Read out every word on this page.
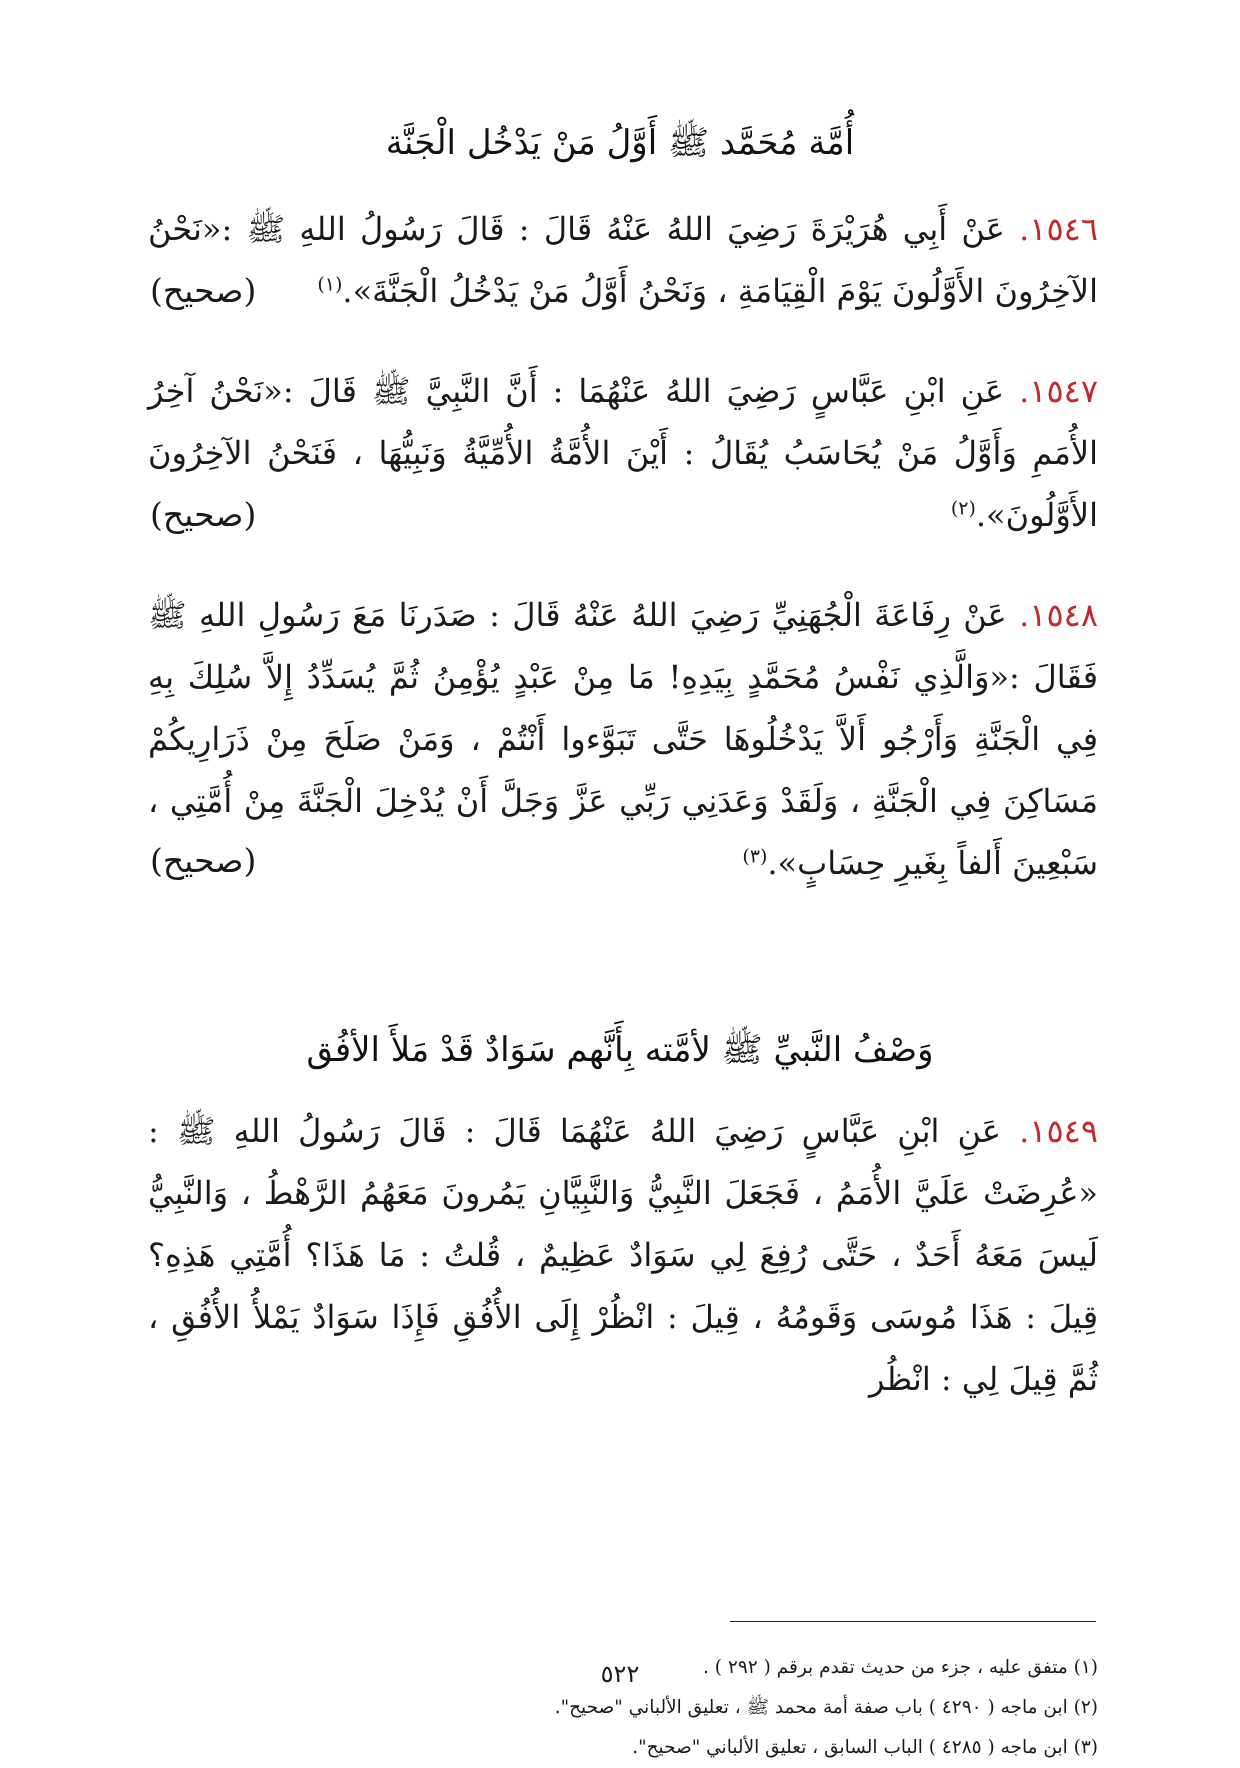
أُمَّة مُحَمَّد ﷺ أَوَّلُ مَنْ يَدْخُل الْجَنَّة
١٥٤٦. عَنْ أَبِي هُرَيْرَةَ رَضِيَ اللهُ عَنْهُ قَالَ : قَالَ رَسُولُ اللهِ ﷺ :«نَحْنُ الآخِرُونَ الأَوَّلُونَ يَوْمَ الْقِيَامَةِ ، وَنَحْنُ أَوَّلُ مَنْ يَدْخُلُ الْجَنَّةَ».$^{(١)}$
(صحيح)
١٥٤٧. عَنِ ابْنِ عَبَّاسٍ رَضِيَ اللهُ عَنْهُمَا : أَنَّ النَّبِيَّ ﷺ قَالَ :«نَحْنُ آخِرُ الأُمَمِ وَأَوَّلُ مَنْ يُحَاسَبُ يُقَالُ : أَيْنَ الأُمَّةُ الأُمِّيَّةُ وَنَبِيُّهَا ، فَنَحْنُ الآخِرُونَ الأَوَّلُونَ».$^{(٢)}$
(صحيح)
١٥٤٨. عَنْ رِفَاعَةَ الْجُهَنِيِّ رَضِيَ اللهُ عَنْهُ قَالَ : صَدَرنَا مَعَ رَسُولِ اللهِ ﷺ فَقَالَ :«وَالَّذِي نَفْسُ مُحَمَّدٍ بِيَدِهِ! مَا مِنْ عَبْدٍ يُؤْمِنُ ثُمَّ يُسَدِّدُ إِلاَّ سُلِكَ بِهِ فِي الْجَنَّةِ وَأَرْجُو أَلاَّ يَدْخُلُوهَا حَتَّى تَبَوَّءوا أَنْتُمْ ، وَمَنْ صَلَحَ مِنْ ذَرَارِيكُمْ مَسَاكِنَ فِي الْجَنَّةِ ، وَلَقَدْ وَعَدَنِي رَبِّي عَزَّ وَجَلَّ أَنْ يُدْخِلَ الْجَنَّةَ مِنْ أُمَّتِي ، سَبْعِينَ أَلفاً بِغَيرِ حِسَابٍ».$^{(٣)}$
(صحيح)
وَصْفُ النَّبيِّ ﷺ لأمَّته بِأَنَّهم سَوَادٌ قَدْ مَلأَ الأفُق
١٥٤٩. عَنِ ابْنِ عَبَّاسٍ رَضِيَ اللهُ عَنْهُمَا قَالَ : قَالَ رَسُولُ اللهِ ﷺ : «عُرِضَتْ عَلَيَّ الأُمَمُ ، فَجَعَلَ النَّبِيُّ وَالنَّبِيَّانِ يَمُرونَ مَعَهُمُ الرَّهْطُ ، وَالنَّبِيُّ لَيسَ مَعَهُ أَحَدٌ ، حَتَّى رُفِعَ لِي سَوَادٌ عَظِيمٌ ، قُلتُ : مَا هَذَا؟ أُمَّتِي هَذِهِ؟ قِيلَ : هَذَا مُوسَى وَقَومُهُ ، قِيلَ : انْظُرْ إِلَى الأُفُقِ فَإِذَا سَوَادٌ يَمْلأُ الأُفُقِ ، ثُمَّ قِيلَ لِي : انْظُر
(١) متفق عليه ، جزء من حديث تقدم برقم ( ٢٩٢ ) .
(٢) ابن ماجه ( ٤٢٩٠ ) باب صفة أمة محمد ﷺ ، تعليق الألباني "صحيح".
(٣) ابن ماجه ( ٤٢٨٥ ) الباب السابق ، تعليق الألباني "صحيح".
٥٢٢
